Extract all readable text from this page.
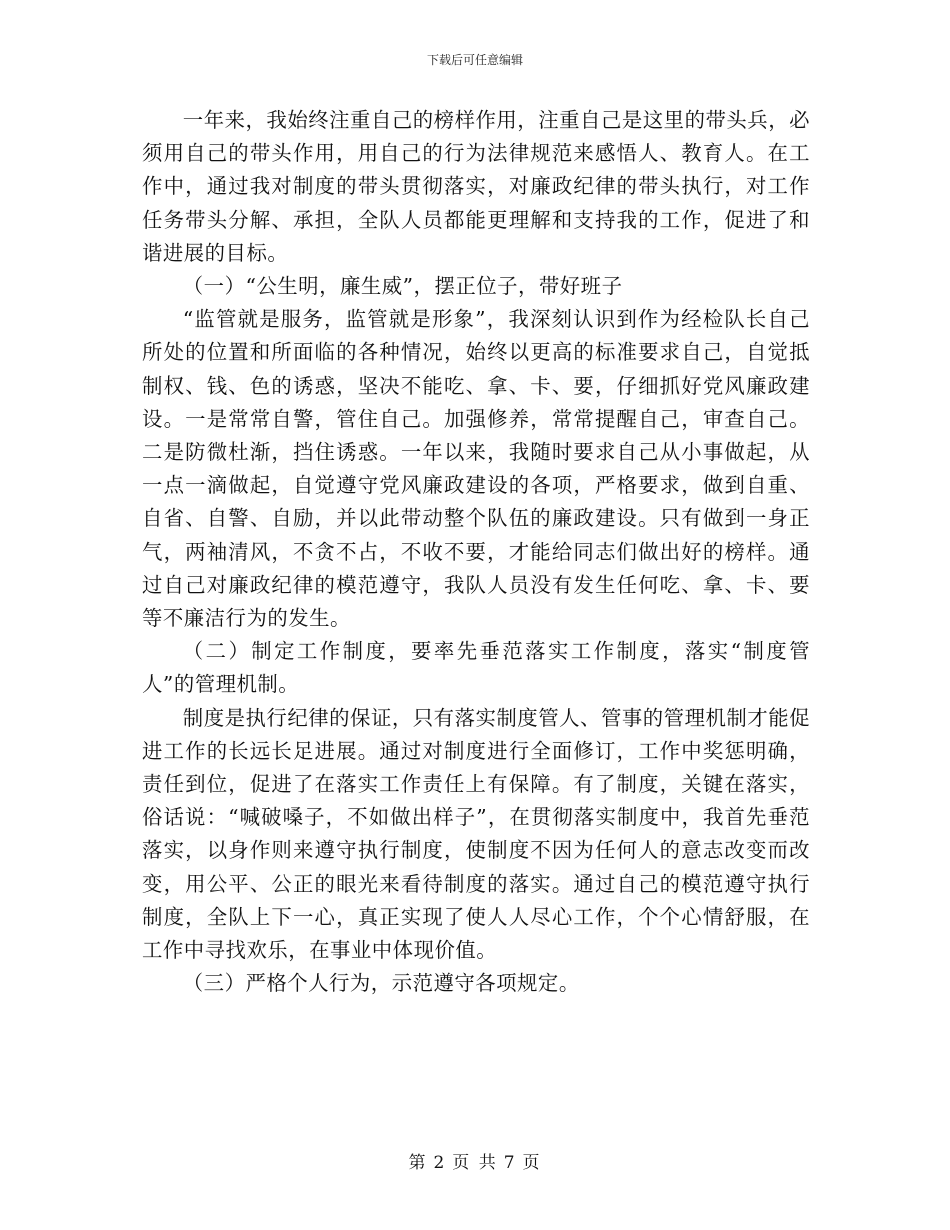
下载后可任意编辑

一年来，我始终注重自己的榜样作用，注重自己是这里的带头兵，必须用自己的带头作用，用自己的行为法律规范来感悟人、教育人。在工作中，通过我对制度的带头贯彻落实，对廉政纪律的带头执行，对工作任务带头分解、承担，全队人员都能更理解和支持我的工作，促进了和谐进展的目标。

（一）“公生明，廉生威”，摆正位子，带好班子

“监管就是服务，监管就是形象”，我深刻认识到作为经检队长自己所处的位置和所面临的各种情况，始终以更高的标准要求自己，自觉抵制权、钱、色的诱惑，坚决不能吃、拿、卡、要，仔细抓好党风廉政建设。一是常常自警，管住自己。加强修养，常常提醒自己，审查自己。二是防微杜渐，挡住诱惑。一年以来，我随时要求自己从小事做起，从一点一滴做起，自觉遵守党风廉政建设的各项，严格要求，做到自重、自省、自警、自励，并以此带动整个队伍的廉政建设。只有做到一身正气，两袖清风，不贪不占，不收不要，才能给同志们做出好的榜样。通过自己对廉政纪律的模范遵守，我队人员没有发生任何吃、拿、卡、要等不廉洁行为的发生。

（二）制定工作制度，要率先垂范落实工作制度，落实“制度管人”的管理机制。

制度是执行纪律的保证，只有落实制度管人、管事的管理机制才能促进工作的长远长足进展。通过对制度进行全面修订，工作中奖惩明确，责任到位，促进了在落实工作责任上有保障。有了制度，关键在落实，俗话说：“喊破嗓子，不如做出样子”，在贯彻落实制度中，我首先垂范落实，以身作则来遵守执行制度，使制度不因为任何人的意志改变而改变，用公平、公正的眼光来看待制度的落实。通过自己的模范遵守执行制度，全队上下一心，真正实现了使人人尽心工作，个个心情舒服，在工作中寻找欢乐，在事业中体现价值。

（三）严格个人行为，示范遵守各项规定。

第 2 页 共 7 页
